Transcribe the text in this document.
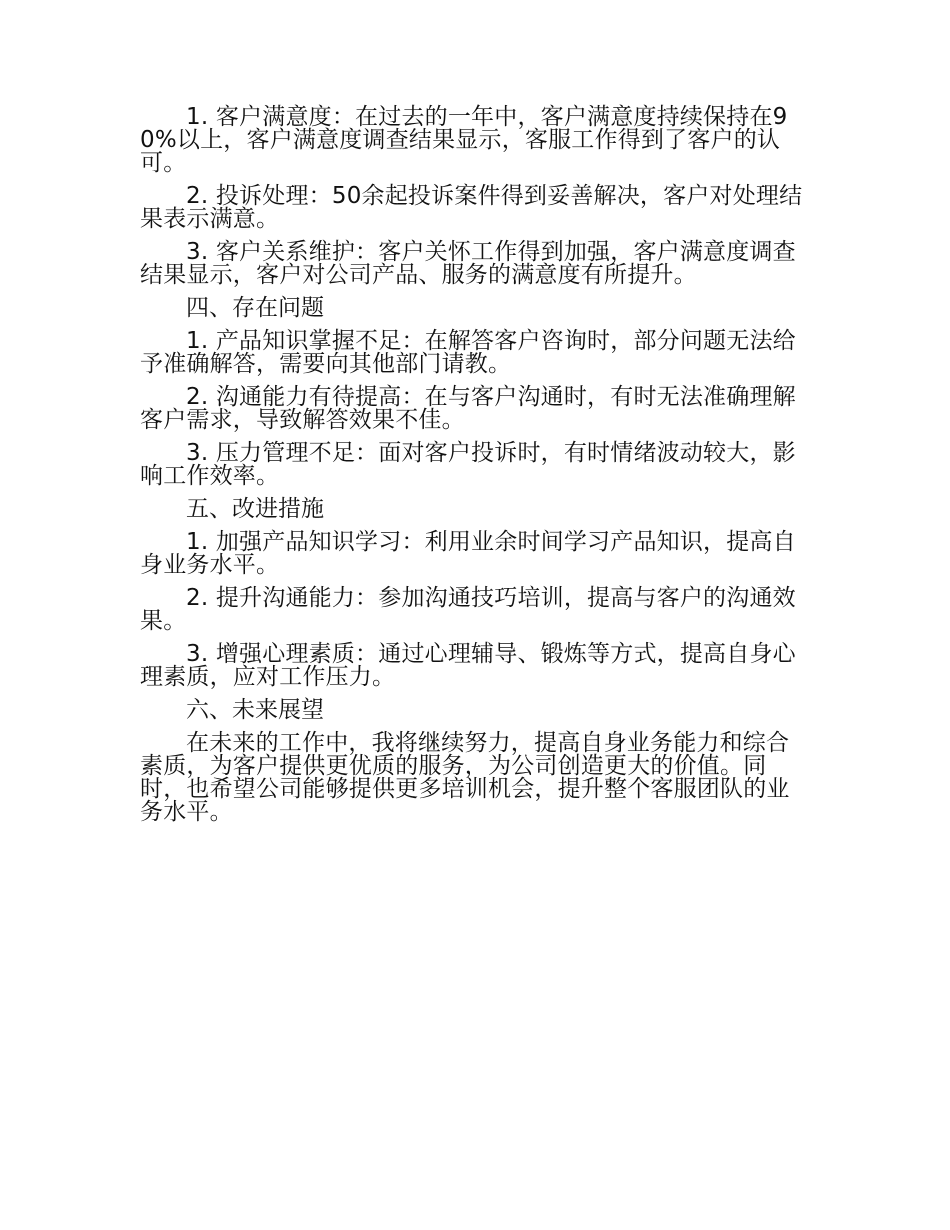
1. 客户满意度：在过去的一年中，客户满意度持续保持在90%以上，客户满意度调查结果显示，客服工作得到了客户的认可。

2. 投诉处理：50余起投诉案件得到妥善解决，客户对处理结果表示满意。

3. 客户关系维护：客户关怀工作得到加强，客户满意度调查结果显示，客户对公司产品、服务的满意度有所提升。

四、存在问题

1. 产品知识掌握不足：在解答客户咨询时，部分问题无法给予准确解答，需要向其他部门请教。

2. 沟通能力有待提高：在与客户沟通时，有时无法准确理解客户需求，导致解答效果不佳。

3. 压力管理不足：面对客户投诉时，有时情绪波动较大，影响工作效率。

五、改进措施

1. 加强产品知识学习：利用业余时间学习产品知识，提高自身业务水平。

2. 提升沟通能力：参加沟通技巧培训，提高与客户的沟通效果。

3. 增强心理素质：通过心理辅导、锻炼等方式，提高自身心理素质，应对工作压力。

六、未来展望

在未来的工作中，我将继续努力，提高自身业务能力和综合素质，为客户提供更优质的服务，为公司创造更大的价值。同时，也希望公司能够提供更多培训机会，提升整个客服团队的业务水平。
